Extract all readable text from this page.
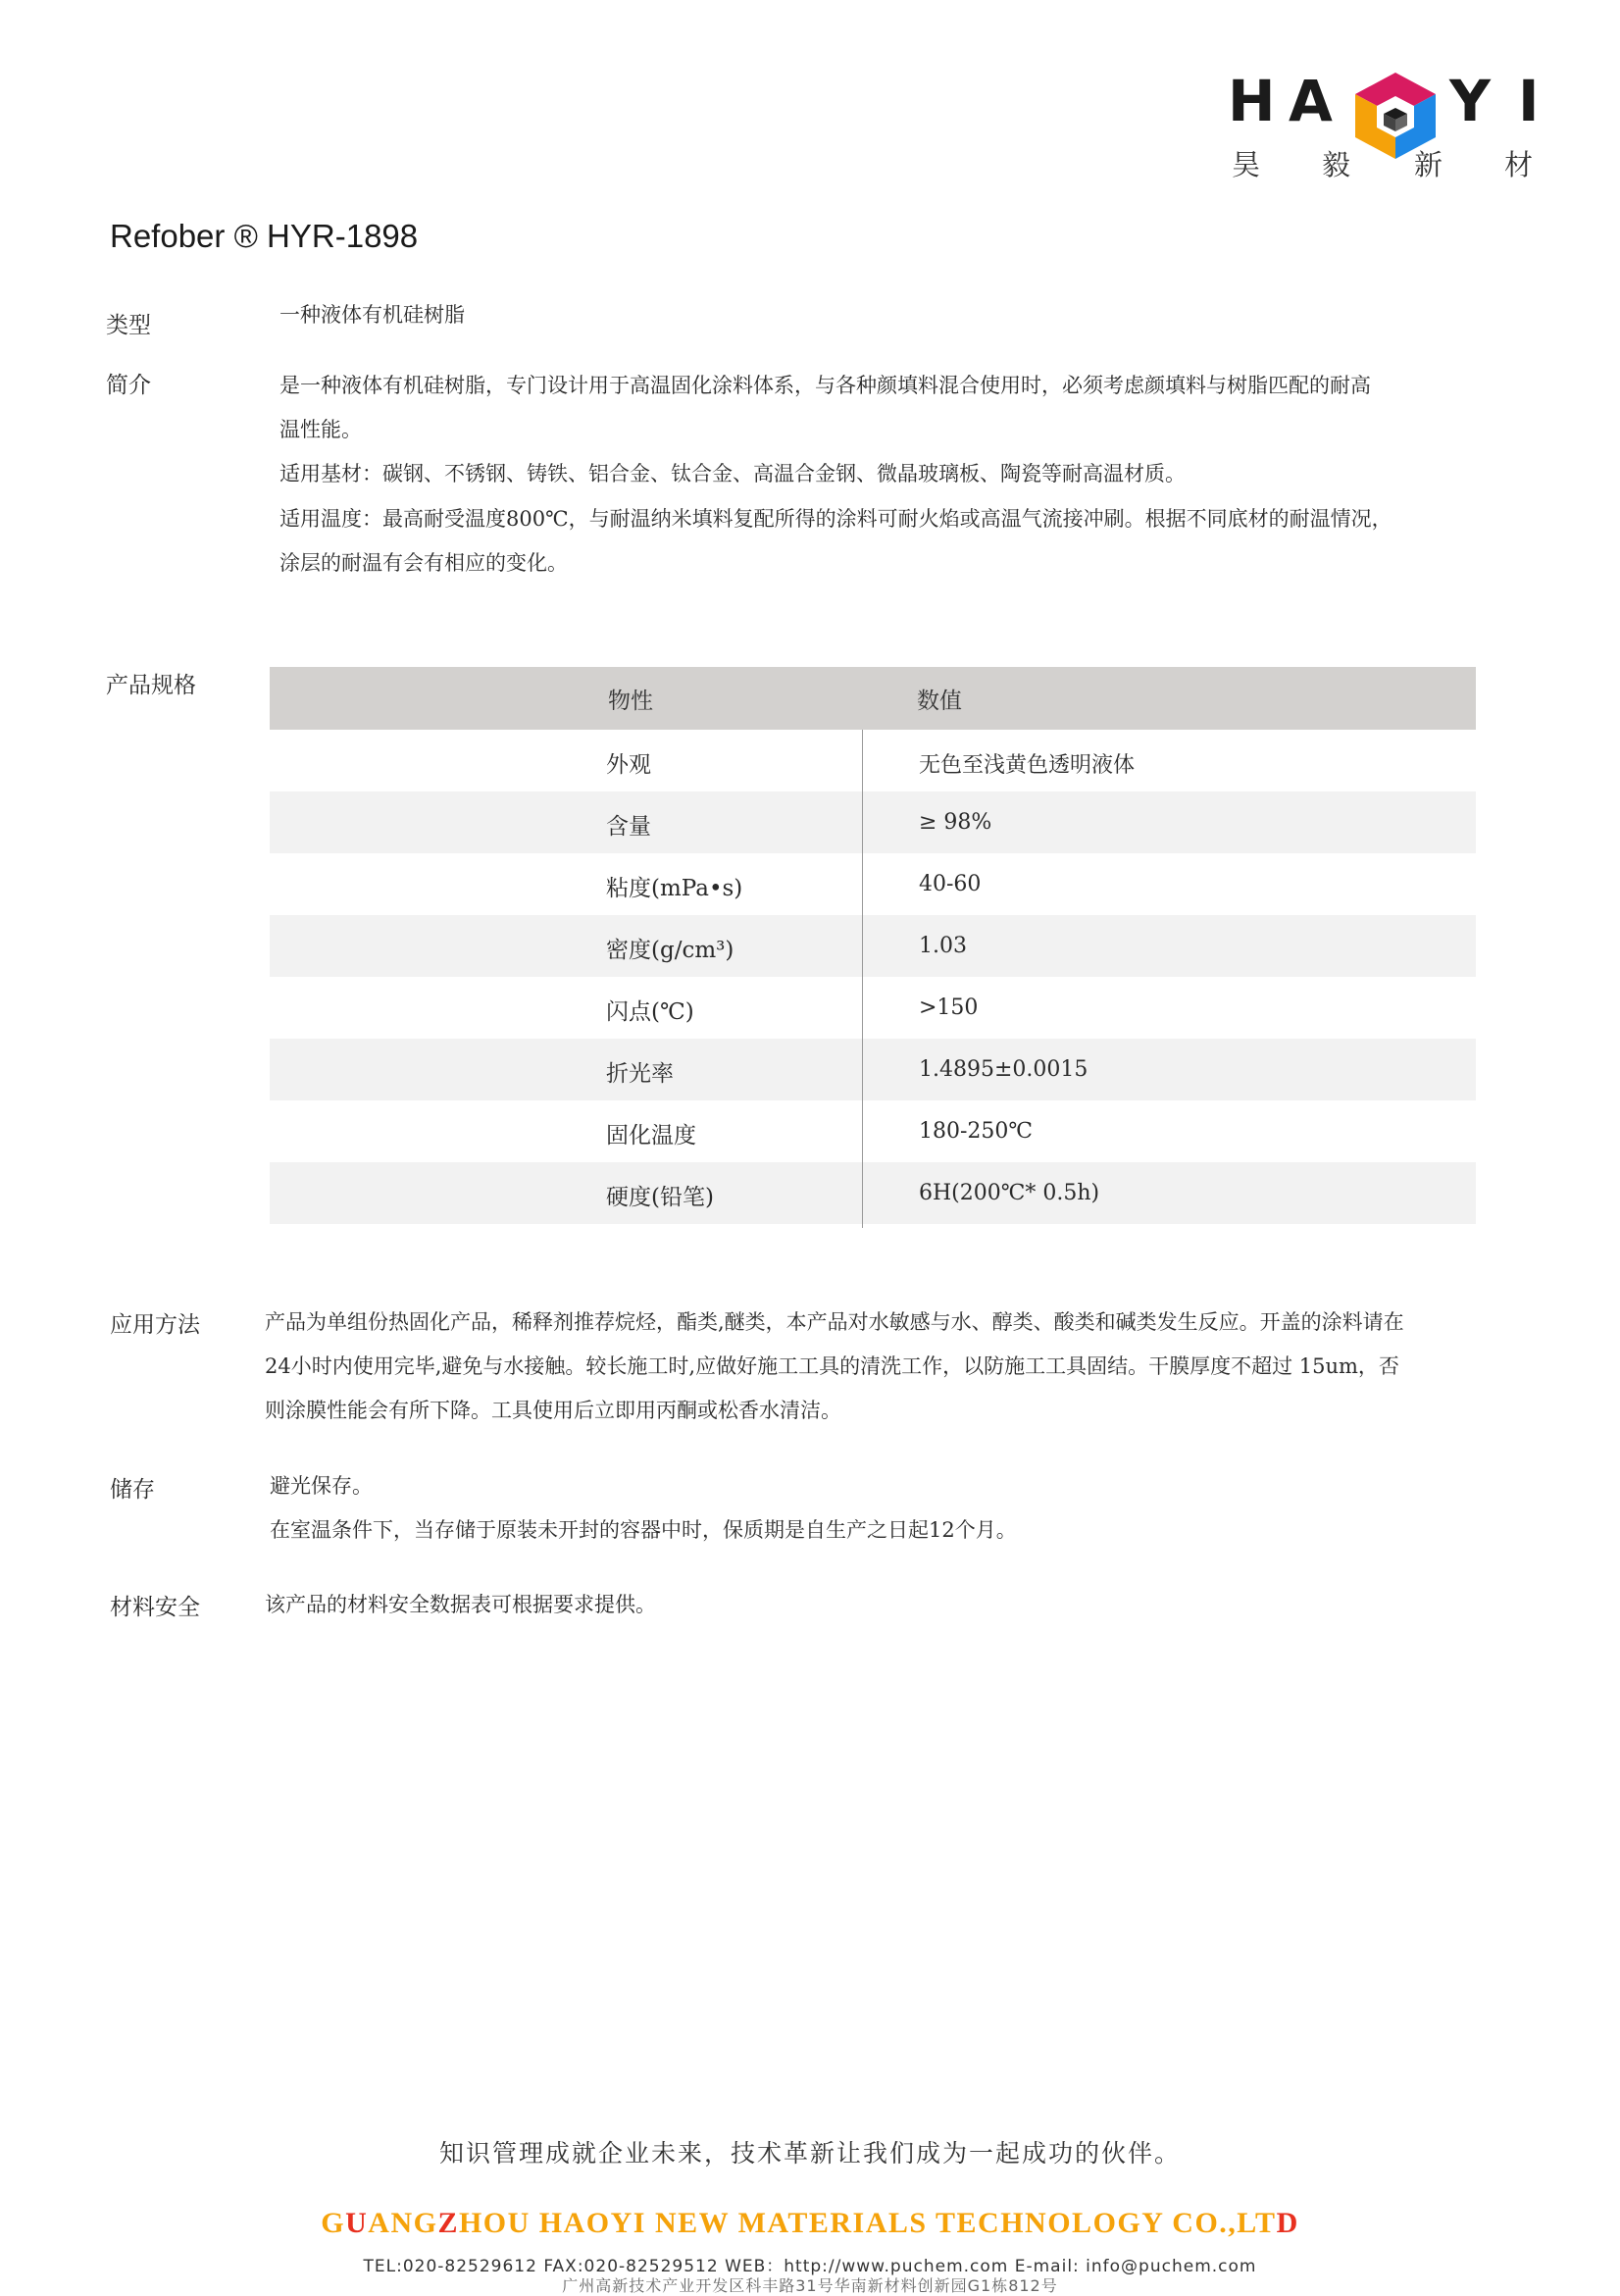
H A Y I
昊 毅 新 材
Refober ® HYR-1898
类型	一种液体有机硅树脂
简介	是一种液体有机硅树脂，专门设计用于高温固化涂料体系，与各种颜填料混合使用时，必须考虑颜填料与树脂匹配的耐高
温性能。
适用基材：碳钢、不锈钢、铸铁、铝合金、钛合金、高温合金钢、微晶玻璃板、陶瓷等耐高温材质。
适用温度：最高耐受温度800℃，与耐温纳米填料复配所得的涂料可耐火焰或高温气流接冲刷。根据不同底材的耐温情况，
涂层的耐温有会有相应的变化。
产品规格
物性	数值
外观	无色至浅黄色透明液体
含量	≥ 98%
粘度(mPa•s)	40-60
密度(g/cm³)	1.03
闪点(℃)	>150
折光率	1.4895±0.0015
固化温度	180-250℃
硬度(铅笔)	6H(200℃* 0.5h)
应用方法	产品为单组份热固化产品，稀释剂推荐烷烃，酯类,醚类，本产品对水敏感与水、醇类、酸类和碱类发生反应。开盖的涂料请在
24小时内使用完毕,避免与水接触。较长施工时,应做好施工工具的清洗工作，以防施工工具固结。干膜厚度不超过 15um，否
则涂膜性能会有所下降。工具使用后立即用丙酮或松香水清洁。
储存	避光保存。
在室温条件下，当存储于原装未开封的容器中时，保质期是自生产之日起12个月。
材料安全	该产品的材料安全数据表可根据要求提供。
知识管理成就企业未来，技术革新让我们成为一起成功的伙伴。
GUANGZHOU HAOYI NEW MATERIALS TECHNOLOGY CO.,LTD
TEL:020-82529612 FAX:020-82529512 WEB：http://www.puchem.com E-mail: info@puchem.com
广州高新技术产业开发区科丰路31号华南新材料创新园G1栋812号
